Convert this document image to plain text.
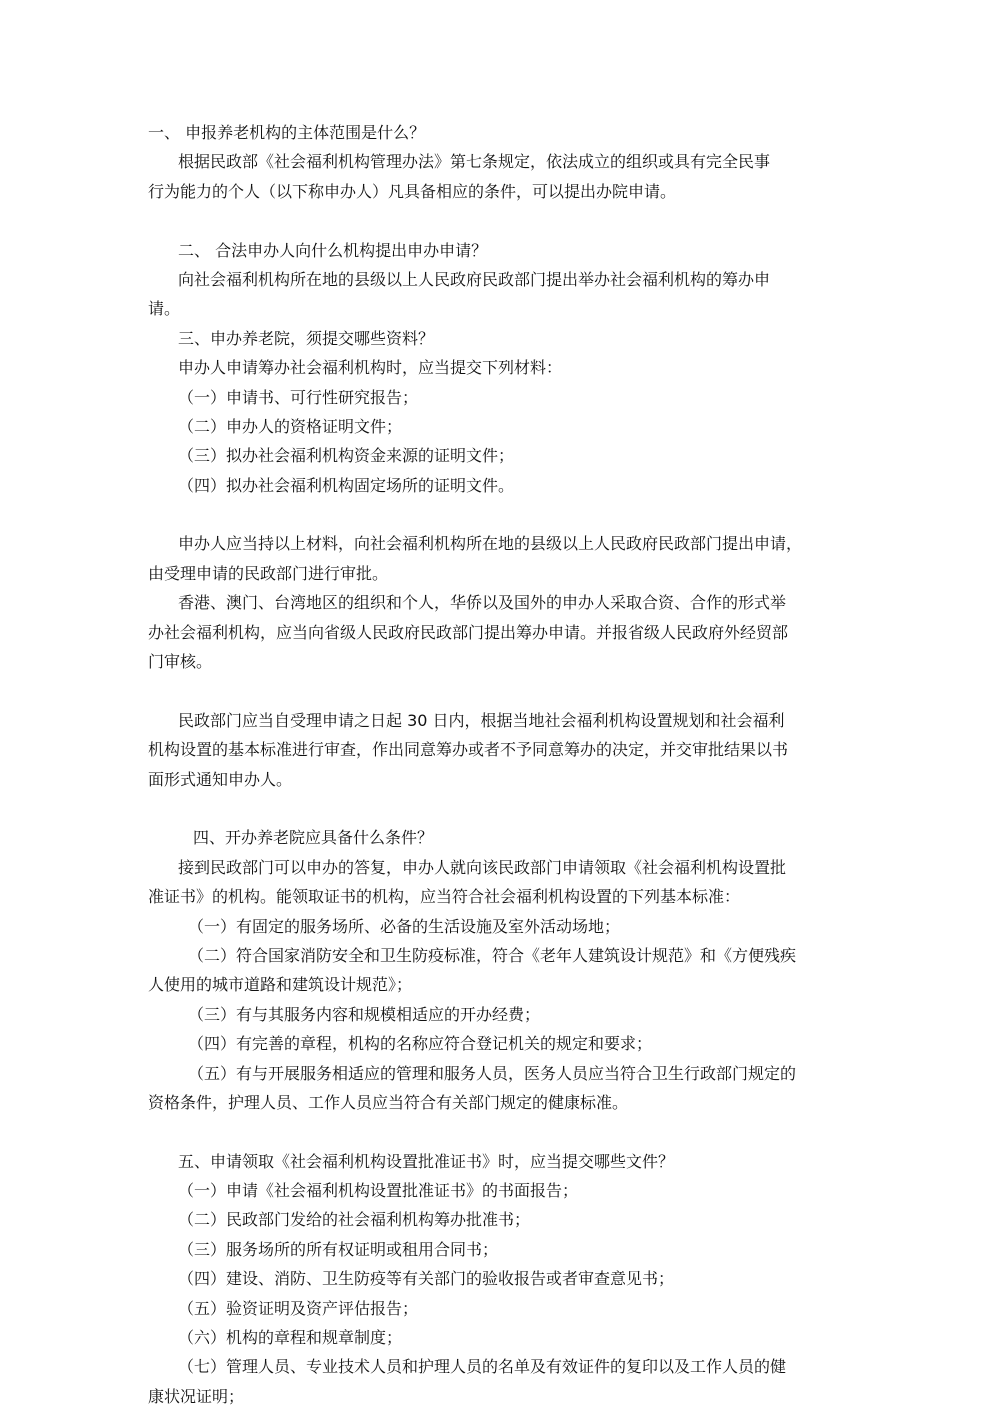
一、 申报养老机构的主体范围是什么？
根据民政部《社会福利机构管理办法》第七条规定，依法成立的组织或具有完全民事
行为能力的个人（以下称申办人）凡具备相应的条件，可以提出办院申请。
二、 合法申办人向什么机构提出申办申请？
向社会福利机构所在地的县级以上人民政府民政部门提出举办社会福利机构的筹办申
请。
三、申办养老院，须提交哪些资料？
申办人申请筹办社会福利机构时，应当提交下列材料：
（一）申请书、可行性研究报告；
（二）申办人的资格证明文件；
（三）拟办社会福利机构资金来源的证明文件；
（四）拟办社会福利机构固定场所的证明文件。
申办人应当持以上材料，向社会福利机构所在地的县级以上人民政府民政部门提出申请，
由受理申请的民政部门进行审批。
香港、澳门、台湾地区的组织和个人，华侨以及国外的申办人采取合资、合作的形式举
办社会福利机构，应当向省级人民政府民政部门提出筹办申请。并报省级人民政府外经贸部
门审核。
民政部门应当自受理申请之日起 30 日内，根据当地社会福利机构设置规划和社会福利
机构设置的基本标准进行审查，作出同意筹办或者不予同意筹办的决定，并交审批结果以书
面形式通知申办人。
四、开办养老院应具备什么条件？
接到民政部门可以申办的答复，申办人就向该民政部门申请领取《社会福利机构设置批
准证书》的机构。能领取证书的机构，应当符合社会福利机构设置的下列基本标准：
（一）有固定的服务场所、必备的生活设施及室外活动场地；
（二）符合国家消防安全和卫生防疫标准，符合《老年人建筑设计规范》和《方便残疾
人使用的城市道路和建筑设计规范》；
（三）有与其服务内容和规模相适应的开办经费；
（四）有完善的章程，机构的名称应符合登记机关的规定和要求；
（五）有与开展服务相适应的管理和服务人员，医务人员应当符合卫生行政部门规定的
资格条件，护理人员、工作人员应当符合有关部门规定的健康标准。
五、申请领取《社会福利机构设置批准证书》时，应当提交哪些文件？
（一）申请《社会福利机构设置批准证书》的书面报告；
（二）民政部门发给的社会福利机构筹办批准书；
（三）服务场所的所有权证明或租用合同书；
（四）建设、消防、卫生防疫等有关部门的验收报告或者审查意见书；
（五）验资证明及资产评估报告；
（六）机构的章程和规章制度；
（七）管理人员、专业技术人员和护理人员的名单及有效证件的复印以及工作人员的健
康状况证明；
